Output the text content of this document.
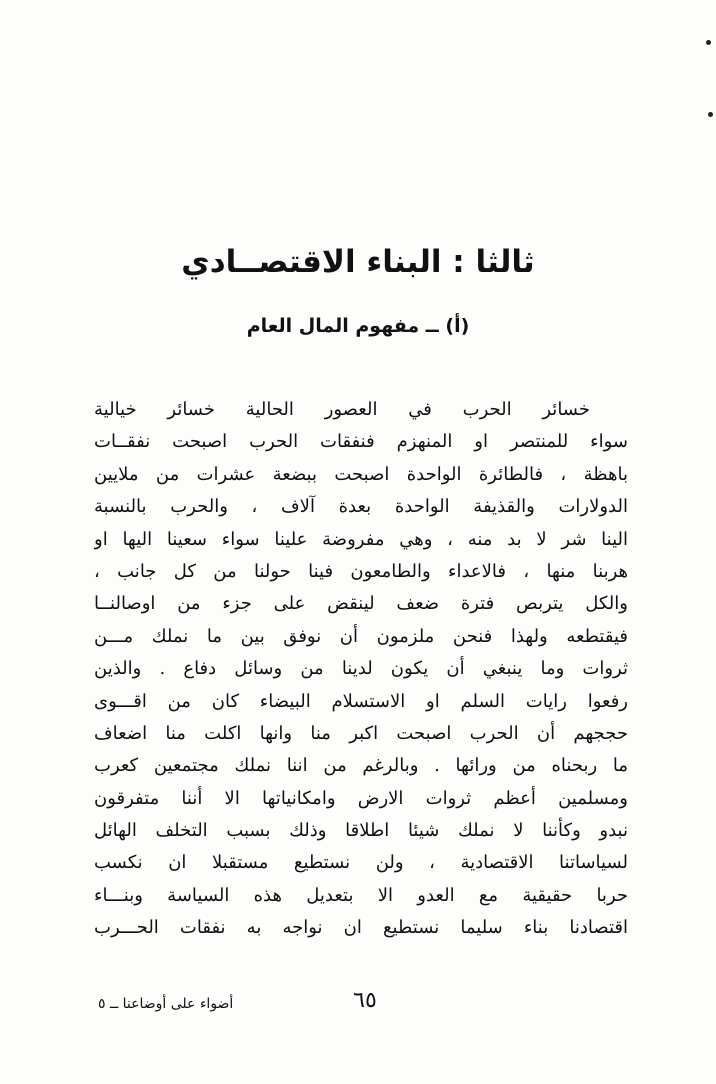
ثالثا : البناء الاقتصــادي
(أ) ــ مفهوم المال العام
خسائر الحرب في العصور الحالية خسائر خيالية
سواء للمنتصر او المنهزم فنفقات الحرب اصبحت نفقــات
باهظة ، فالطائرة الواحدة اصبحت ببضعة عشرات من ملايين
الدولارات والقذيفة الواحدة بعدة آلاف ، والحرب بالنسبة
الينا شر لا بد منه ، وهي مفروضة علينا سواء سعينا اليها او
هربنا منها ، فالاعداء والطامعون فينا حولنا من كل جانب ،
والكل يتربص فترة ضعف لينقض على جزء من اوصالنــا
فيقتطعه ولهذا فنحن ملزمون أن نوفق بين ما نملك مـــن
ثروات وما ينبغي أن يكون لدينا من وسائل دفاع . والذين
رفعوا رايات السلم او الاستسلام البيضاء كان من اقـــوى
حججهم أن الحرب اصبحت اكبر منا وانها اكلت منا اضعاف
ما ربحناه من ورائها . وبالرغم من اننا نملك مجتمعين كعرب
ومسلمين أعظم ثروات الارض وامكانياتها الا أننا متفرقون
نبدو وكأننا لا نملك شيئا اطلاقا وذلك بسبب التخلف الهائل
لسياساتنا الاقتصادية ، ولن نستطيع مستقبلا ان نكسب
حربا حقيقية مع العدو الا بتعديل هذه السياسة وبنـــاء
اقتصادنا بناء سليما نستطيع ان نواجه به نفقات الحـــرب
٦٥
أضواء على أوضاعنا ــ ٥
